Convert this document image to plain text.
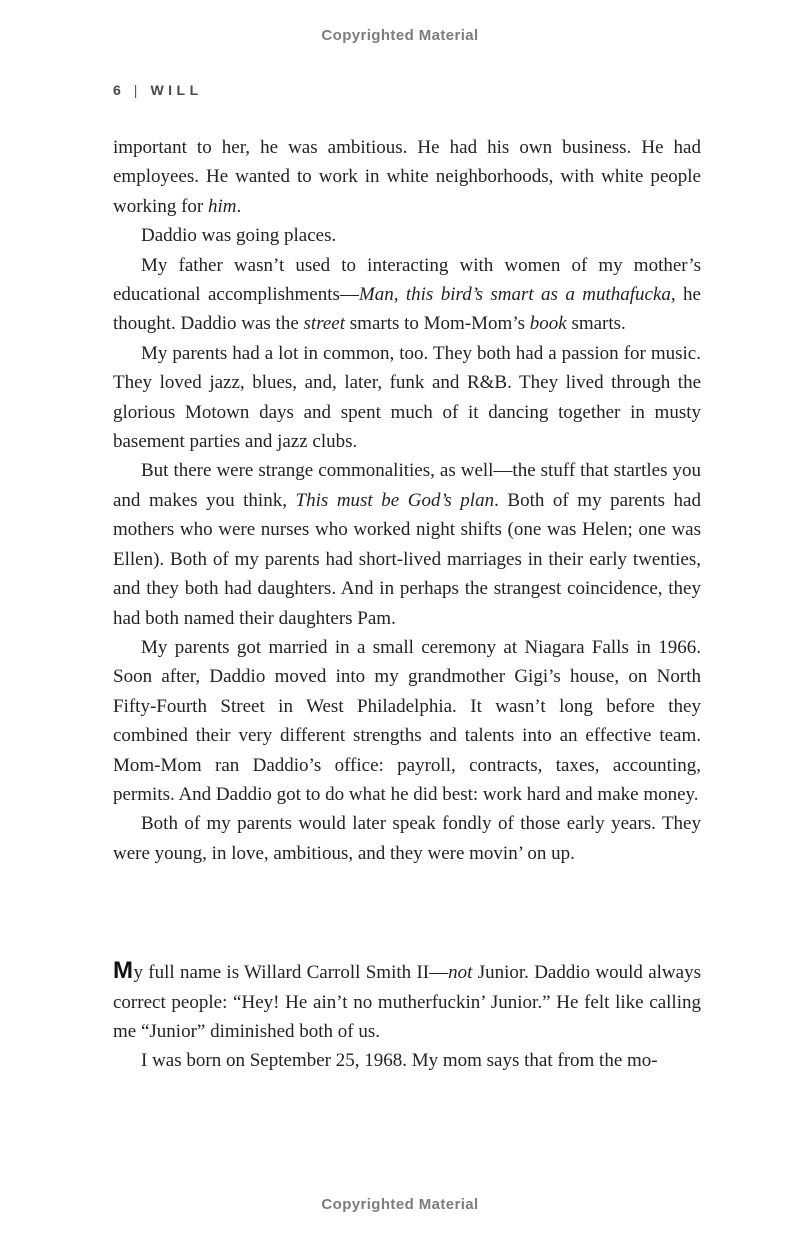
Copyrighted Material
6 | WILL

important to her, he was ambitious. He had his own business. He had employees. He wanted to work in white neighborhoods, with white people working for him.

Daddio was going places.

My father wasn’t used to interacting with women of my mother’s educational accomplishments—Man, this bird’s smart as a muthafucka, he thought. Daddio was the street smarts to Mom-Mom’s book smarts.

My parents had a lot in common, too. They both had a passion for music. They loved jazz, blues, and, later, funk and R&B. They lived through the glorious Motown days and spent much of it dancing together in musty basement parties and jazz clubs.

But there were strange commonalities, as well—the stuff that startles you and makes you think, This must be God’s plan. Both of my parents had mothers who were nurses who worked night shifts (one was Helen; one was Ellen). Both of my parents had short-lived marriages in their early twenties, and they both had daughters. And in perhaps the strangest coincidence, they had both named their daughters Pam.

My parents got married in a small ceremony at Niagara Falls in 1966. Soon after, Daddio moved into my grandmother Gigi’s house, on North Fifty-Fourth Street in West Philadelphia. It wasn’t long before they combined their very different strengths and talents into an effective team. Mom-Mom ran Daddio’s office: payroll, contracts, taxes, accounting, permits. And Daddio got to do what he did best: work hard and make money.

Both of my parents would later speak fondly of those early years. They were young, in love, ambitious, and they were movin’ on up.

My full name is Willard Carroll Smith II—not Junior. Daddio would always correct people: “Hey! He ain’t no mutherfuckin’ Junior.” He felt like calling me “Junior” diminished both of us.

I was born on September 25, 1968. My mom says that from the mo-

Copyrighted Material
